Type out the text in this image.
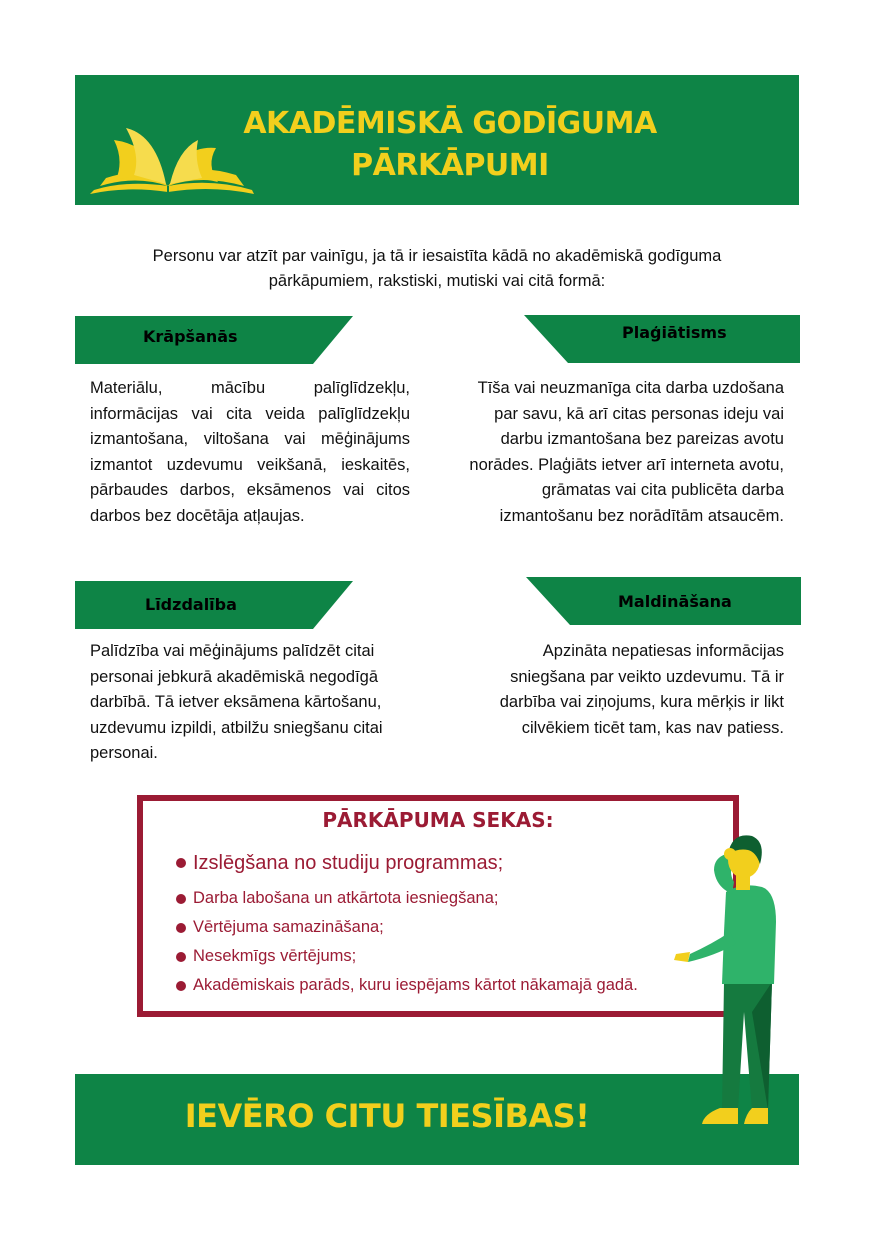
AKADĒMISKĀ GODĪGUMA
PĀRKĀPUMI
Personu var atzīt par vainīgu, ja tā ir iesaistīta kādā no akadēmiskā godīguma
pārkāpumiem, rakstiski, mutiski vai citā formā:
Krāpšanās
Materiālu, mācību palīglīdzekļu, informācijas vai cita veida palīglīdzekļu izmantošana, viltošana vai mēģinājums izmantot uzdevumu veikšanā, ieskaitēs, pārbaudes darbos, eksāmenos vai citos darbos bez docētāja atļaujas.
Plaģiātisms
Tīša vai neuzmanīga cita darba uzdošana par savu, kā arī citas personas ideju vai darbu izmantošana bez pareizas avotu norādes. Plaģiāts ietver arī interneta avotu, grāmatas vai cita publicēta darba izmantošanu bez norādītām atsaucēm.
Līdzdalība
Palīdzība vai mēģinājums palīdzēt citai personai jebkurā akadēmiskā negodīgā darbībā. Tā ietver eksāmena kārtošanu, uzdevumu izpildi, atbilžu sniegšanu citai personai.
Maldināšana
Apzināta nepatiesas informācijas sniegšana par veikto uzdevumu. Tā ir darbība vai ziņojums, kura mērķis ir likt cilvēkiem ticēt tam, kas nav patiess.
PĀRKĀPUMA SEKAS:
Izslēgšana no studiju programmas;
Darba labošana un atkārtota iesniegšana;
Vērtējuma samazināšana;
Nesekmīgs vērtējums;
Akadēmiskais parāds, kuru iespējams kārtot nākamajā gadā.
IEVĒRO CITU TIESĪBAS!
